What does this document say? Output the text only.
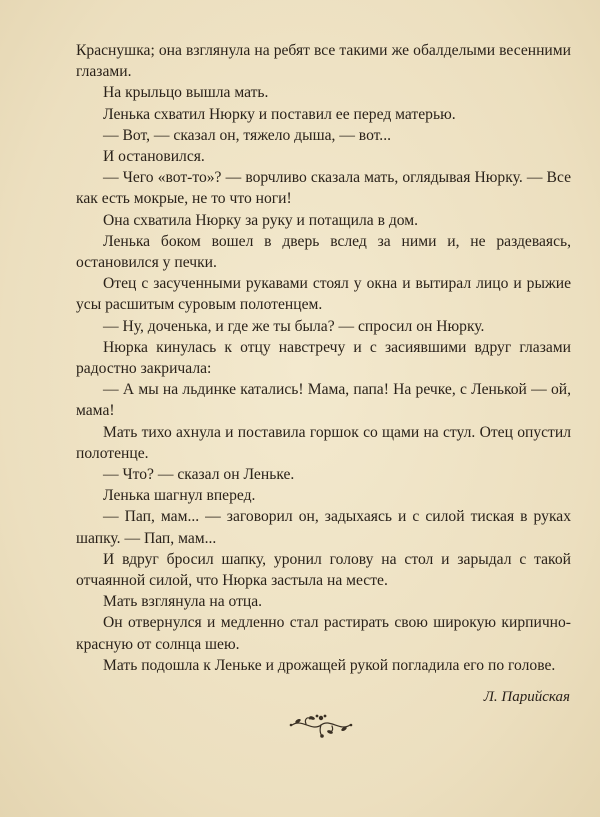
Краснушка; она взглянула на ребят все такими же обалделыми весенними глазами.

На крыльцо вышла мать.

Ленька схватил Нюрку и поставил ее перед матерью.

— Вот, — сказал он, тяжело дыша, — вот...

И остановился.

— Чего «вот-то»? — ворчливо сказала мать, оглядывая Нюрку. — Все как есть мокрые, не то что ноги!

Она схватила Нюрку за руку и потащила в дом.

Ленька боком вошел в дверь вслед за ними и, не раздеваясь, остановился у печки.

Отец с засученными рукавами стоял у окна и вытирал лицо и рыжие усы расшитым суровым полотенцем.

— Ну, доченька, и где же ты была? — спросил он Нюрку.

Нюрка кинулась к отцу навстречу и с засиявшими вдруг глазами радостно закричала:

— А мы на льдинке катались! Мама, папа! На речке, с Ленькой — ой, мама!

Мать тихо ахнула и поставила горшок со щами на стул. Отец опустил полотенце.

— Что? — сказал он Леньке.

Ленька шагнул вперед.

— Пап, мам... — заговорил он, задыхаясь и с силой тиская в руках шапку. — Пап, мам...

И вдруг бросил шапку, уронил голову на стол и зарыдал с такой отчаянной силой, что Нюрка застыла на месте.

Мать взглянула на отца.

Он отвернулся и медленно стал растирать свою широкую кирпично-красную от солнца шею.

Мать подошла к Леньке и дрожащей рукой погладила его по голове.

Л. Парийская
